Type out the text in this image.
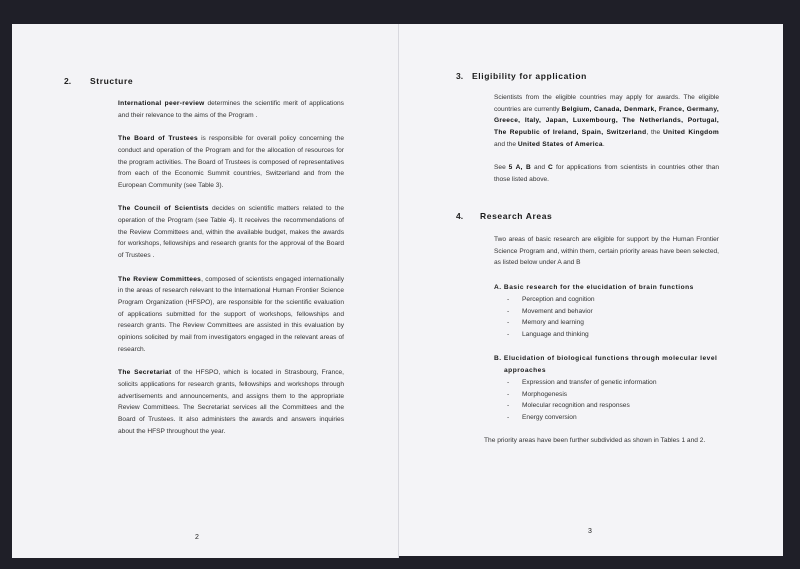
2. Structure

International peer-review determines the scientific merit of applications and their relevance to the aims of the Program .

The Board of Trustees is responsible for overall policy concerning the conduct and operation of the Program and for the allocation of resources for the program activities. The Board of Trustees is composed of representatives from each of the Economic Summit countries, Switzerland and from the European Community (see Table 3).

The Council of Scientists decides on scientific matters related to the operation of the Program (see Table 4). It receives the recommendations of the Review Committees and, within the available budget, makes the awards for workshops, fellowships and research grants for the approval of the Board of Trustees .

The Review Committees, composed of scientists engaged internationally in the areas of research relevant to the International Human Frontier Science Program Organization (HFSPO), are responsible for the scientific evaluation of applications submitted for the support of workshops, fellowships and research grants. The Review Committees are assisted in this evaluation by opinions solicited by mail from investigators engaged in the relevant areas of research.

The Secretariat of the HFSPO, which is located in Strasbourg, France, solicits applications for research grants, fellowships and workshops through advertisements and announcements, and assigns them to the appropriate Review Committees. The Secretariat services all the Committees and the Board of Trustees. It also administers the awards and answers inquiries about the HFSP throughout the year.

2
3. Eligibility for application

Scientists from the eligible countries may apply for awards. The eligible countries are currently Belgium, Canada, Denmark, France, Germany, Greece, Italy, Japan, Luxembourg, The Netherlands, Portugal, The Republic of Ireland, Spain, Switzerland, the United Kingdom and the United States of America.

See 5 A, B and C for applications from scientists in countries other than those listed above.

4. Research Areas
Two areas of basic research are eligible for support by the Human Frontier Science Program and, within them, certain priority areas have been selected, as listed below under A and B
A. Basic research for the elucidation of brain functions
- Perception and cognition
- Movement and behavior
- Memory and learning
- Language and thinking
B. Elucidation of biological functions through molecular level
approaches
- Expression and transfer of genetic information
- Morphogenesis
- Molecular recognition and responses
- Energy conversion
The priority areas have been further subdivided as shown in Tables 1 and 2.
3
